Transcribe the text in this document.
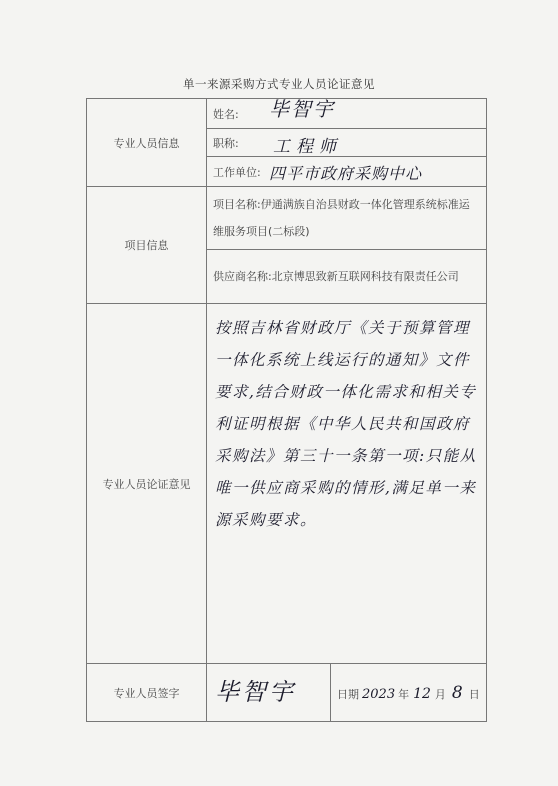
单一来源采购方式专业人员论证意见
专业人员信息	姓名: 毕智宇	

	职称: 工程师	

	工作单位: 四平市政府采购中心	

项目信息	项目名称:伊通满族自治县财政一体化管理系统标准运维服务项目(二标段)	
	供应商名称:北京博思致新互联网科技有限责任公司	
专业人员论证意见	按照吉林省财政厅《关于预算管理一体化系统上线运行的通知》文件要求,结合财政一体化需求和相关专利证明根据《中华人民共和国政府采购法》第三十一条第一项:只能从唯一供应商采购的情形,满足单一来源采购要求。	
专业人员签字	毕智宇	日期 2023 年 12 月 8 日
